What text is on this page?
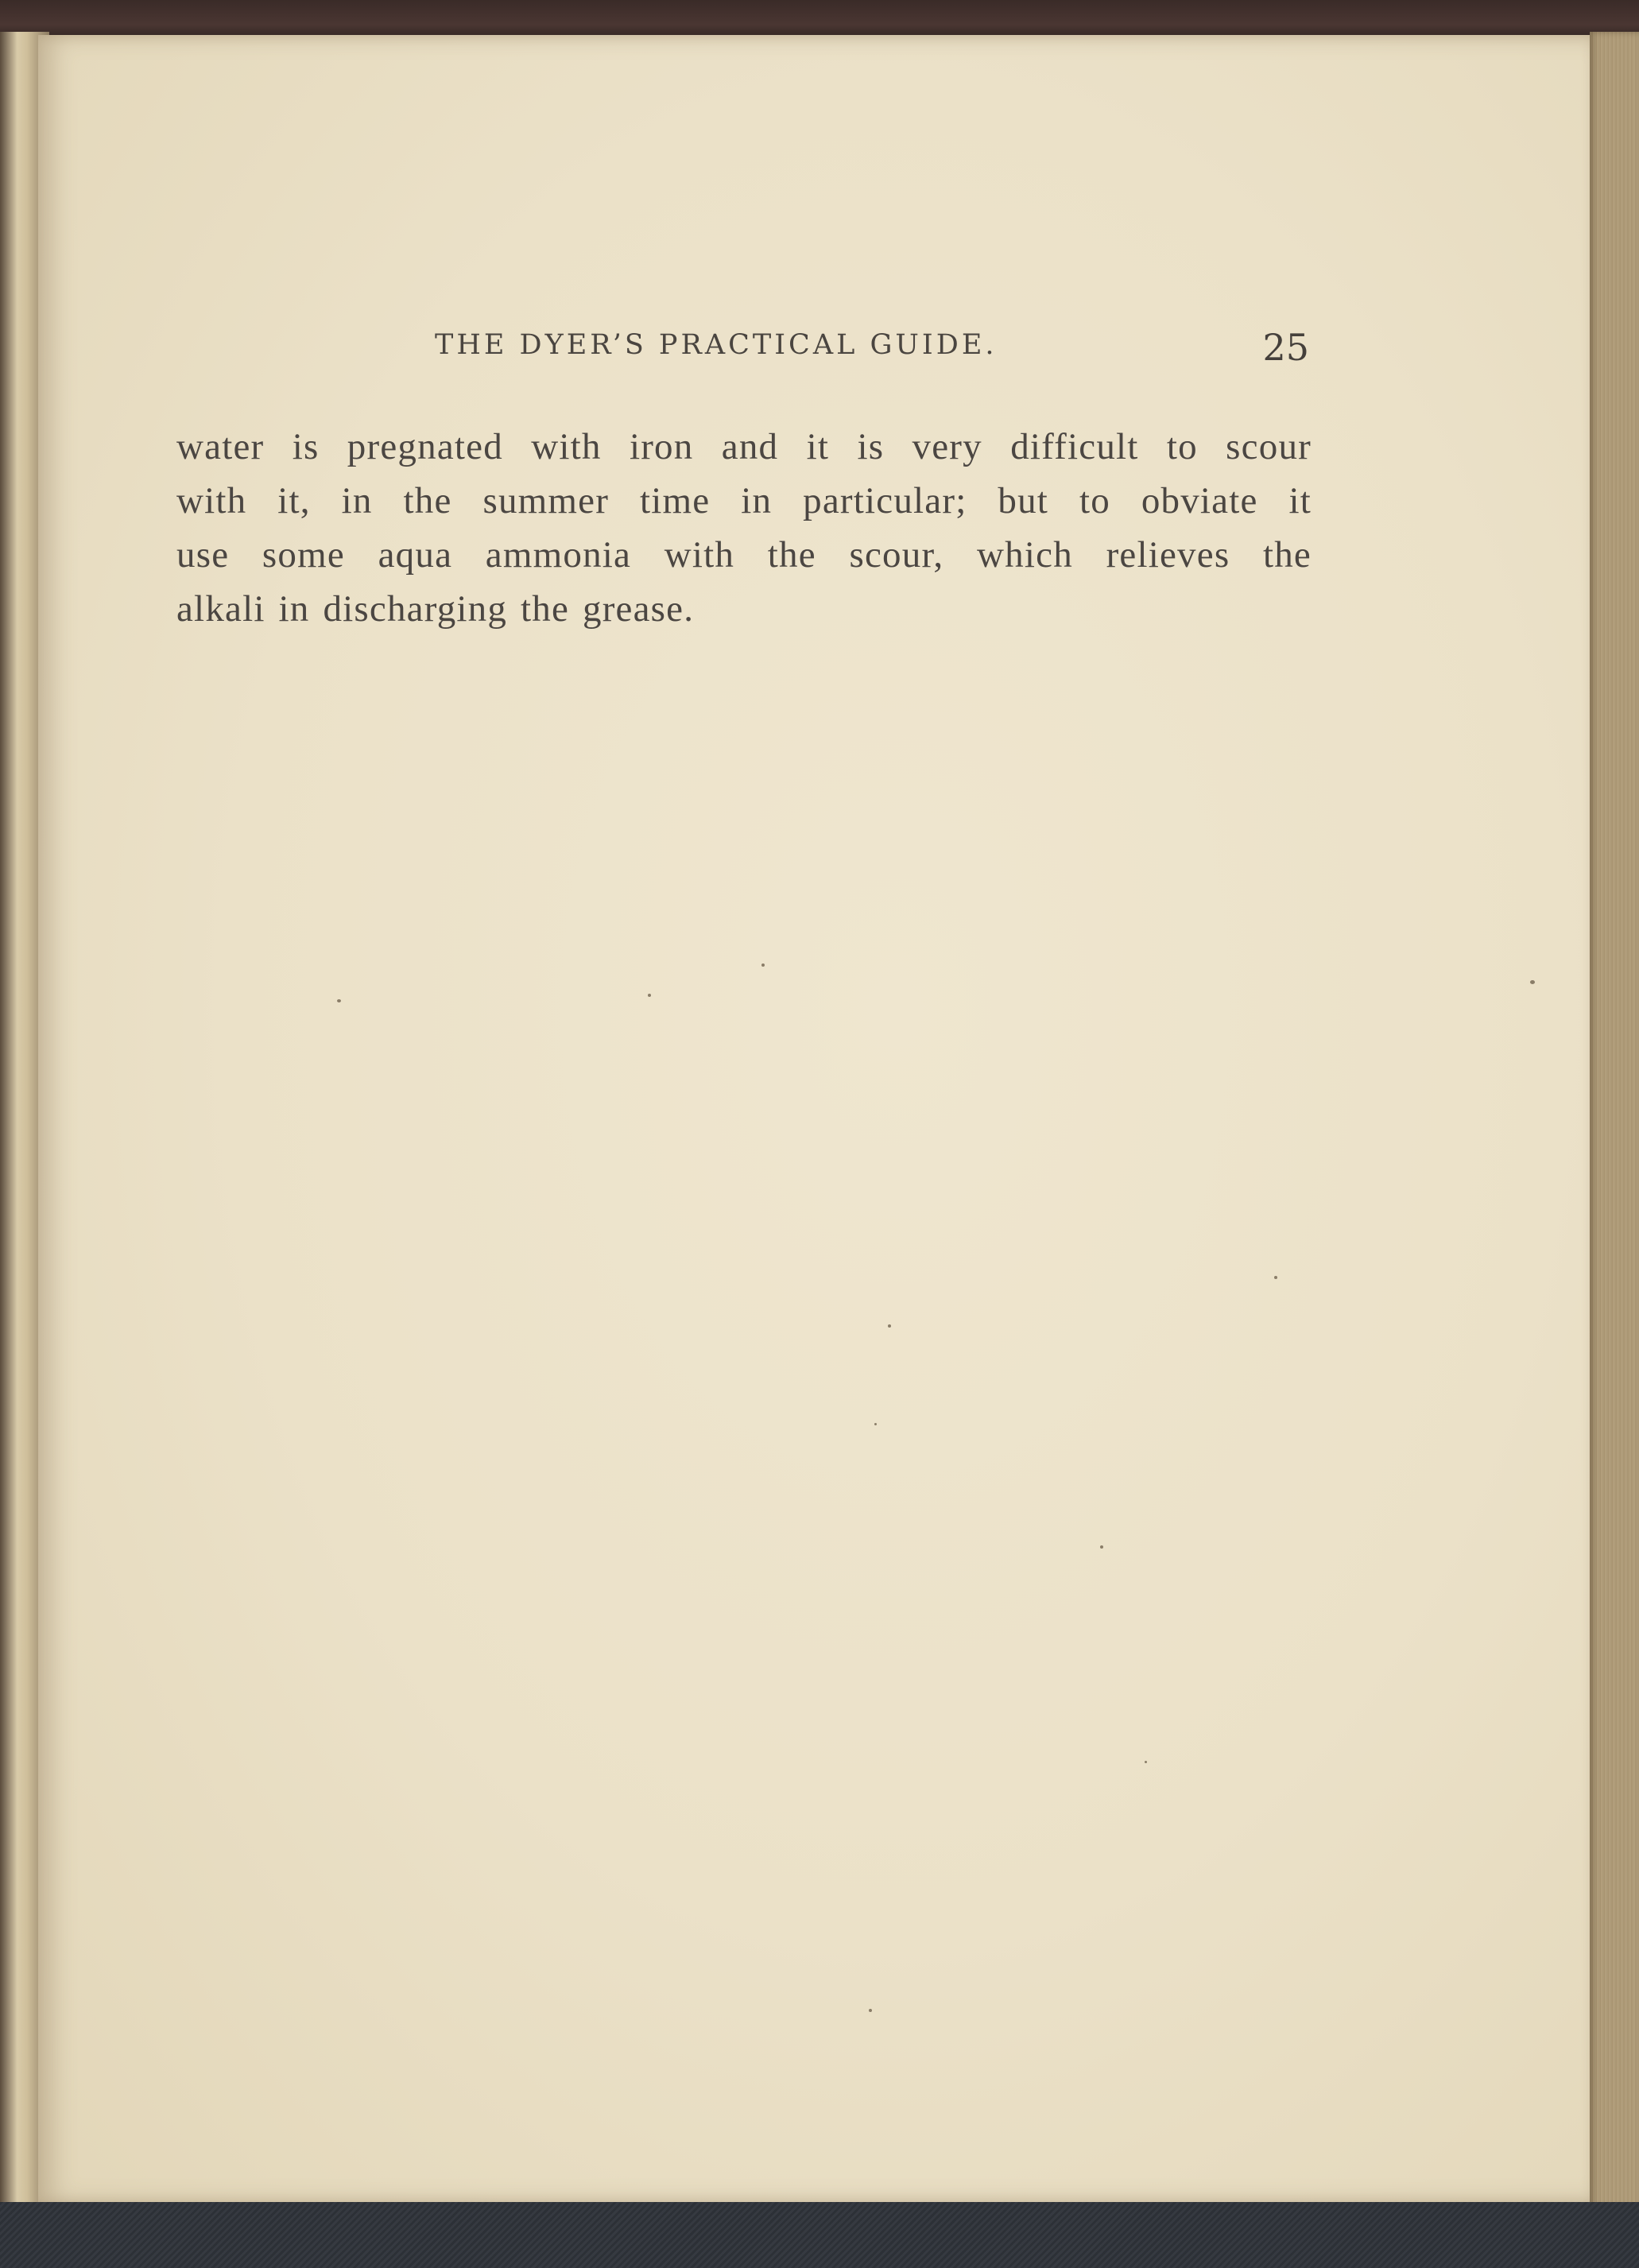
THE DYER’S PRACTICAL GUIDE.	25
water is pregnated with iron and it is very difficult to scour
with it, in the summer time in particular; but to obviate it
use some aqua ammonia with the scour, which relieves the
alkali in discharging the grease.
